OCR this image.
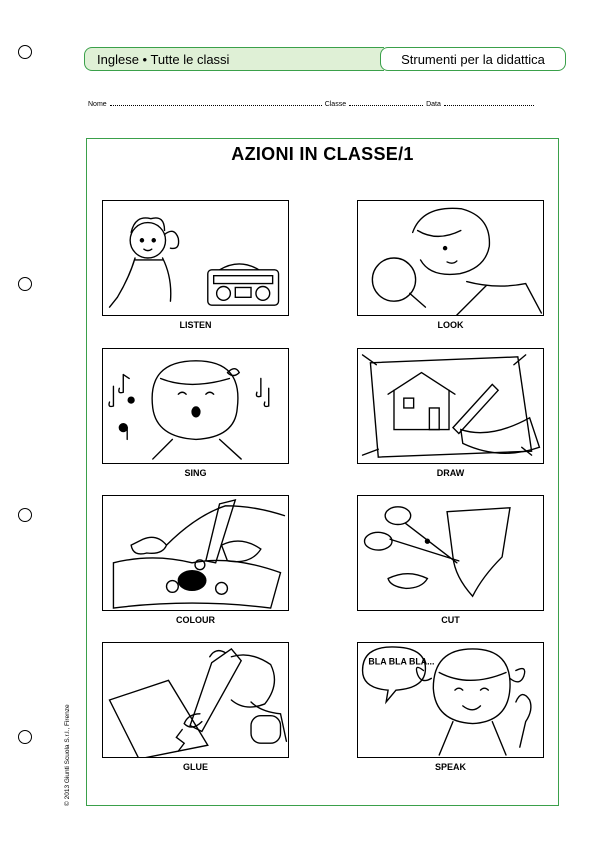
Inglese • Tutte le classi	Strumenti per la didattica
Nome	Classe	Data
AZIONI IN CLASSE/1
LISTEN	LOOK
SING	DRAW
COLOUR	CUT
GLUE
BLA BLA BLA...
SPEAK
© 2013 Giunti Scuola S.r.l., Firenze
